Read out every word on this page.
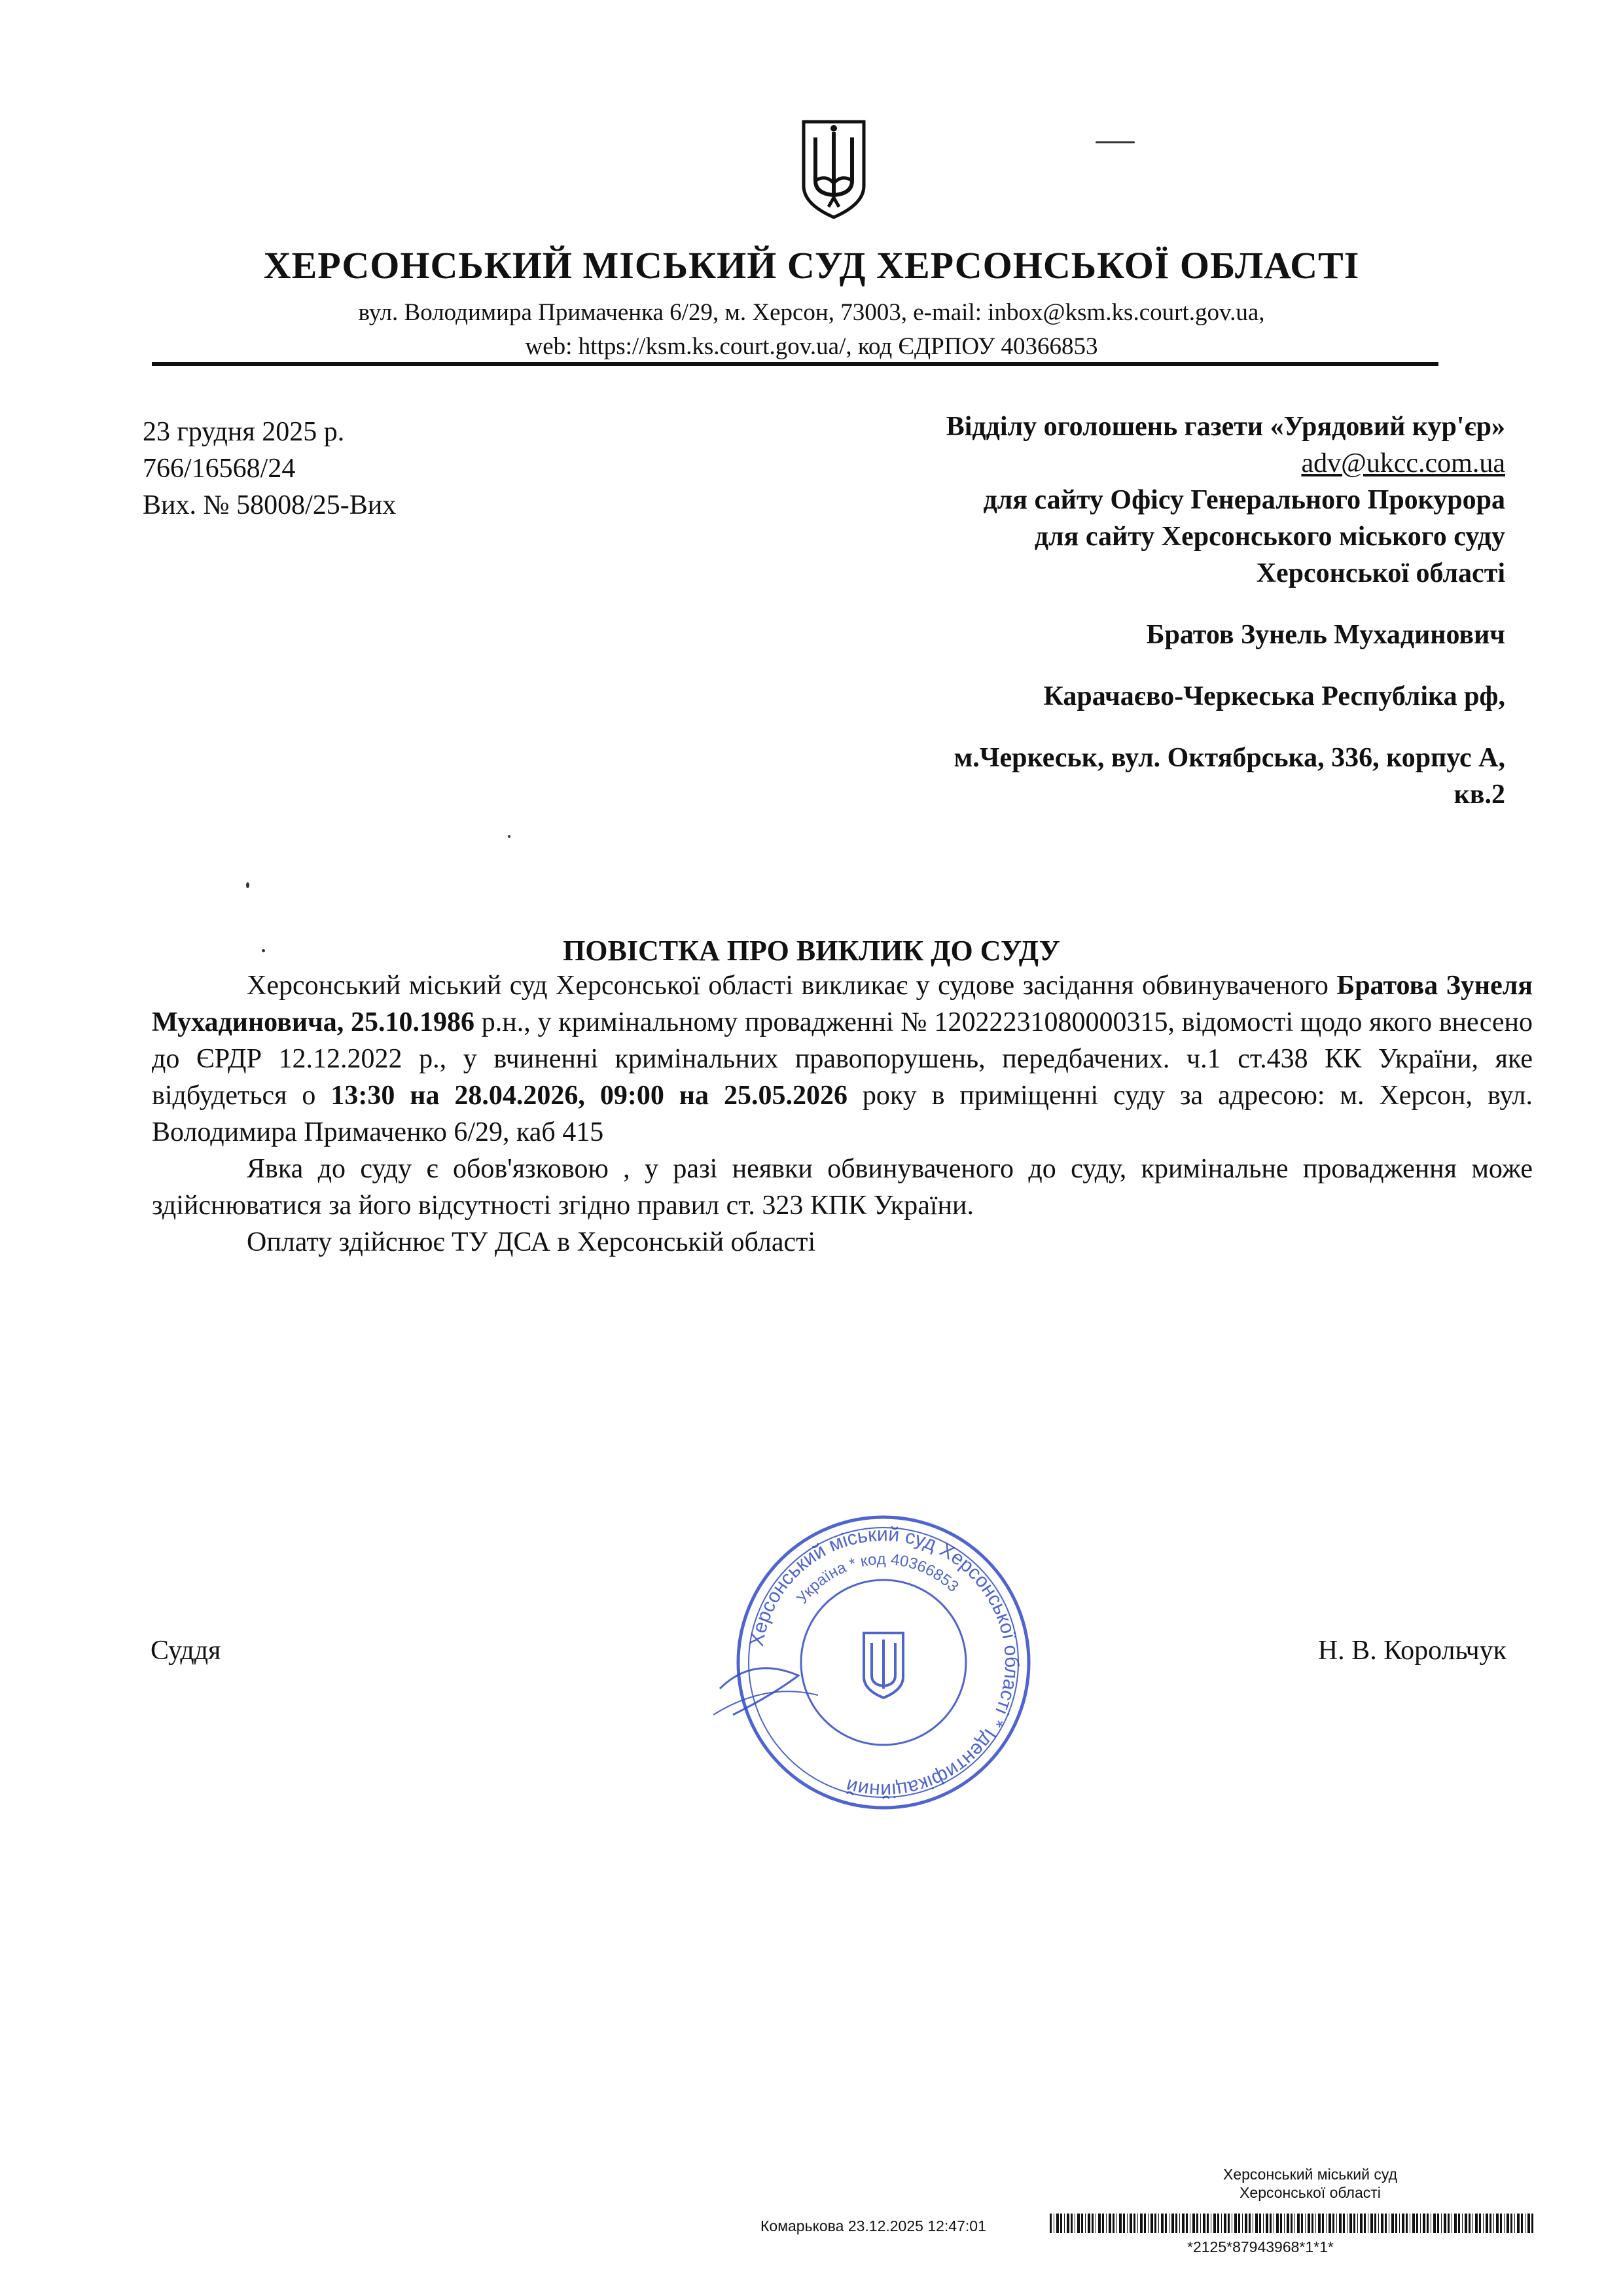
ХЕРСОНСЬКИЙ МІСЬКИЙ СУД ХЕРСОНСЬКОЇ ОБЛАСТІ
вул. Володимира Примаченка 6/29, м. Херсон, 73003, e-mail: inbox@ksm.ks.court.gov.ua,
web: https://ksm.ks.court.gov.ua/, код ЄДРПОУ 40366853
23 грудня 2025 р.
766/16568/24
Вих. № 58008/25-Вих
Відділу оголошень газети «Урядовий кур'єр»
adv@ukcc.com.ua
для сайту Офісу Генерального Прокурора
для сайту Херсонського міського суду
Херсонської області
Братов Зунель Мухадинович
Карачаєво-Черкеська Республіка рф,
м.Черкеськ, вул. Октябрська, 336, корпус А,
кв.2
ПОВІСТКА ПРО ВИКЛИК ДО СУДУ

Херсонський міський суд Херсонської області викликає у судове засідання обвинуваченого Братова Зунеля Мухадиновича, 25.10.1986 р.н., у кримінальному провадженні № 12022231080000315, відомості щодо якого внесено до ЄРДР 12.12.2022 р., у вчиненні кримінальних правопорушень, передбачених. ч.1 ст.438 КК України, яке відбудеться о 13:30 на 28.04.2026, 09:00 на 25.05.2026 року в приміщенні суду за адресою: м. Херсон, вул. Володимира Примаченко 6/29, каб 415

Явка до суду є обов'язковою , у разі неявки обвинуваченого до суду, кримінальне провадження може здійснюватися за його відсутності згідно правил ст. 323 КПК України.

Оплату здійснює ТУ ДСА в Херсонській області

Суддя	Н. В. Корольчук
Херсонський міський суд Херсонської області * Ідентифікаційний
Україна * код 40366853
Херсонський міський суд
Херсонської області
Комарькова 23.12.2025 12:47:01
*2125*87943968*1*1*
